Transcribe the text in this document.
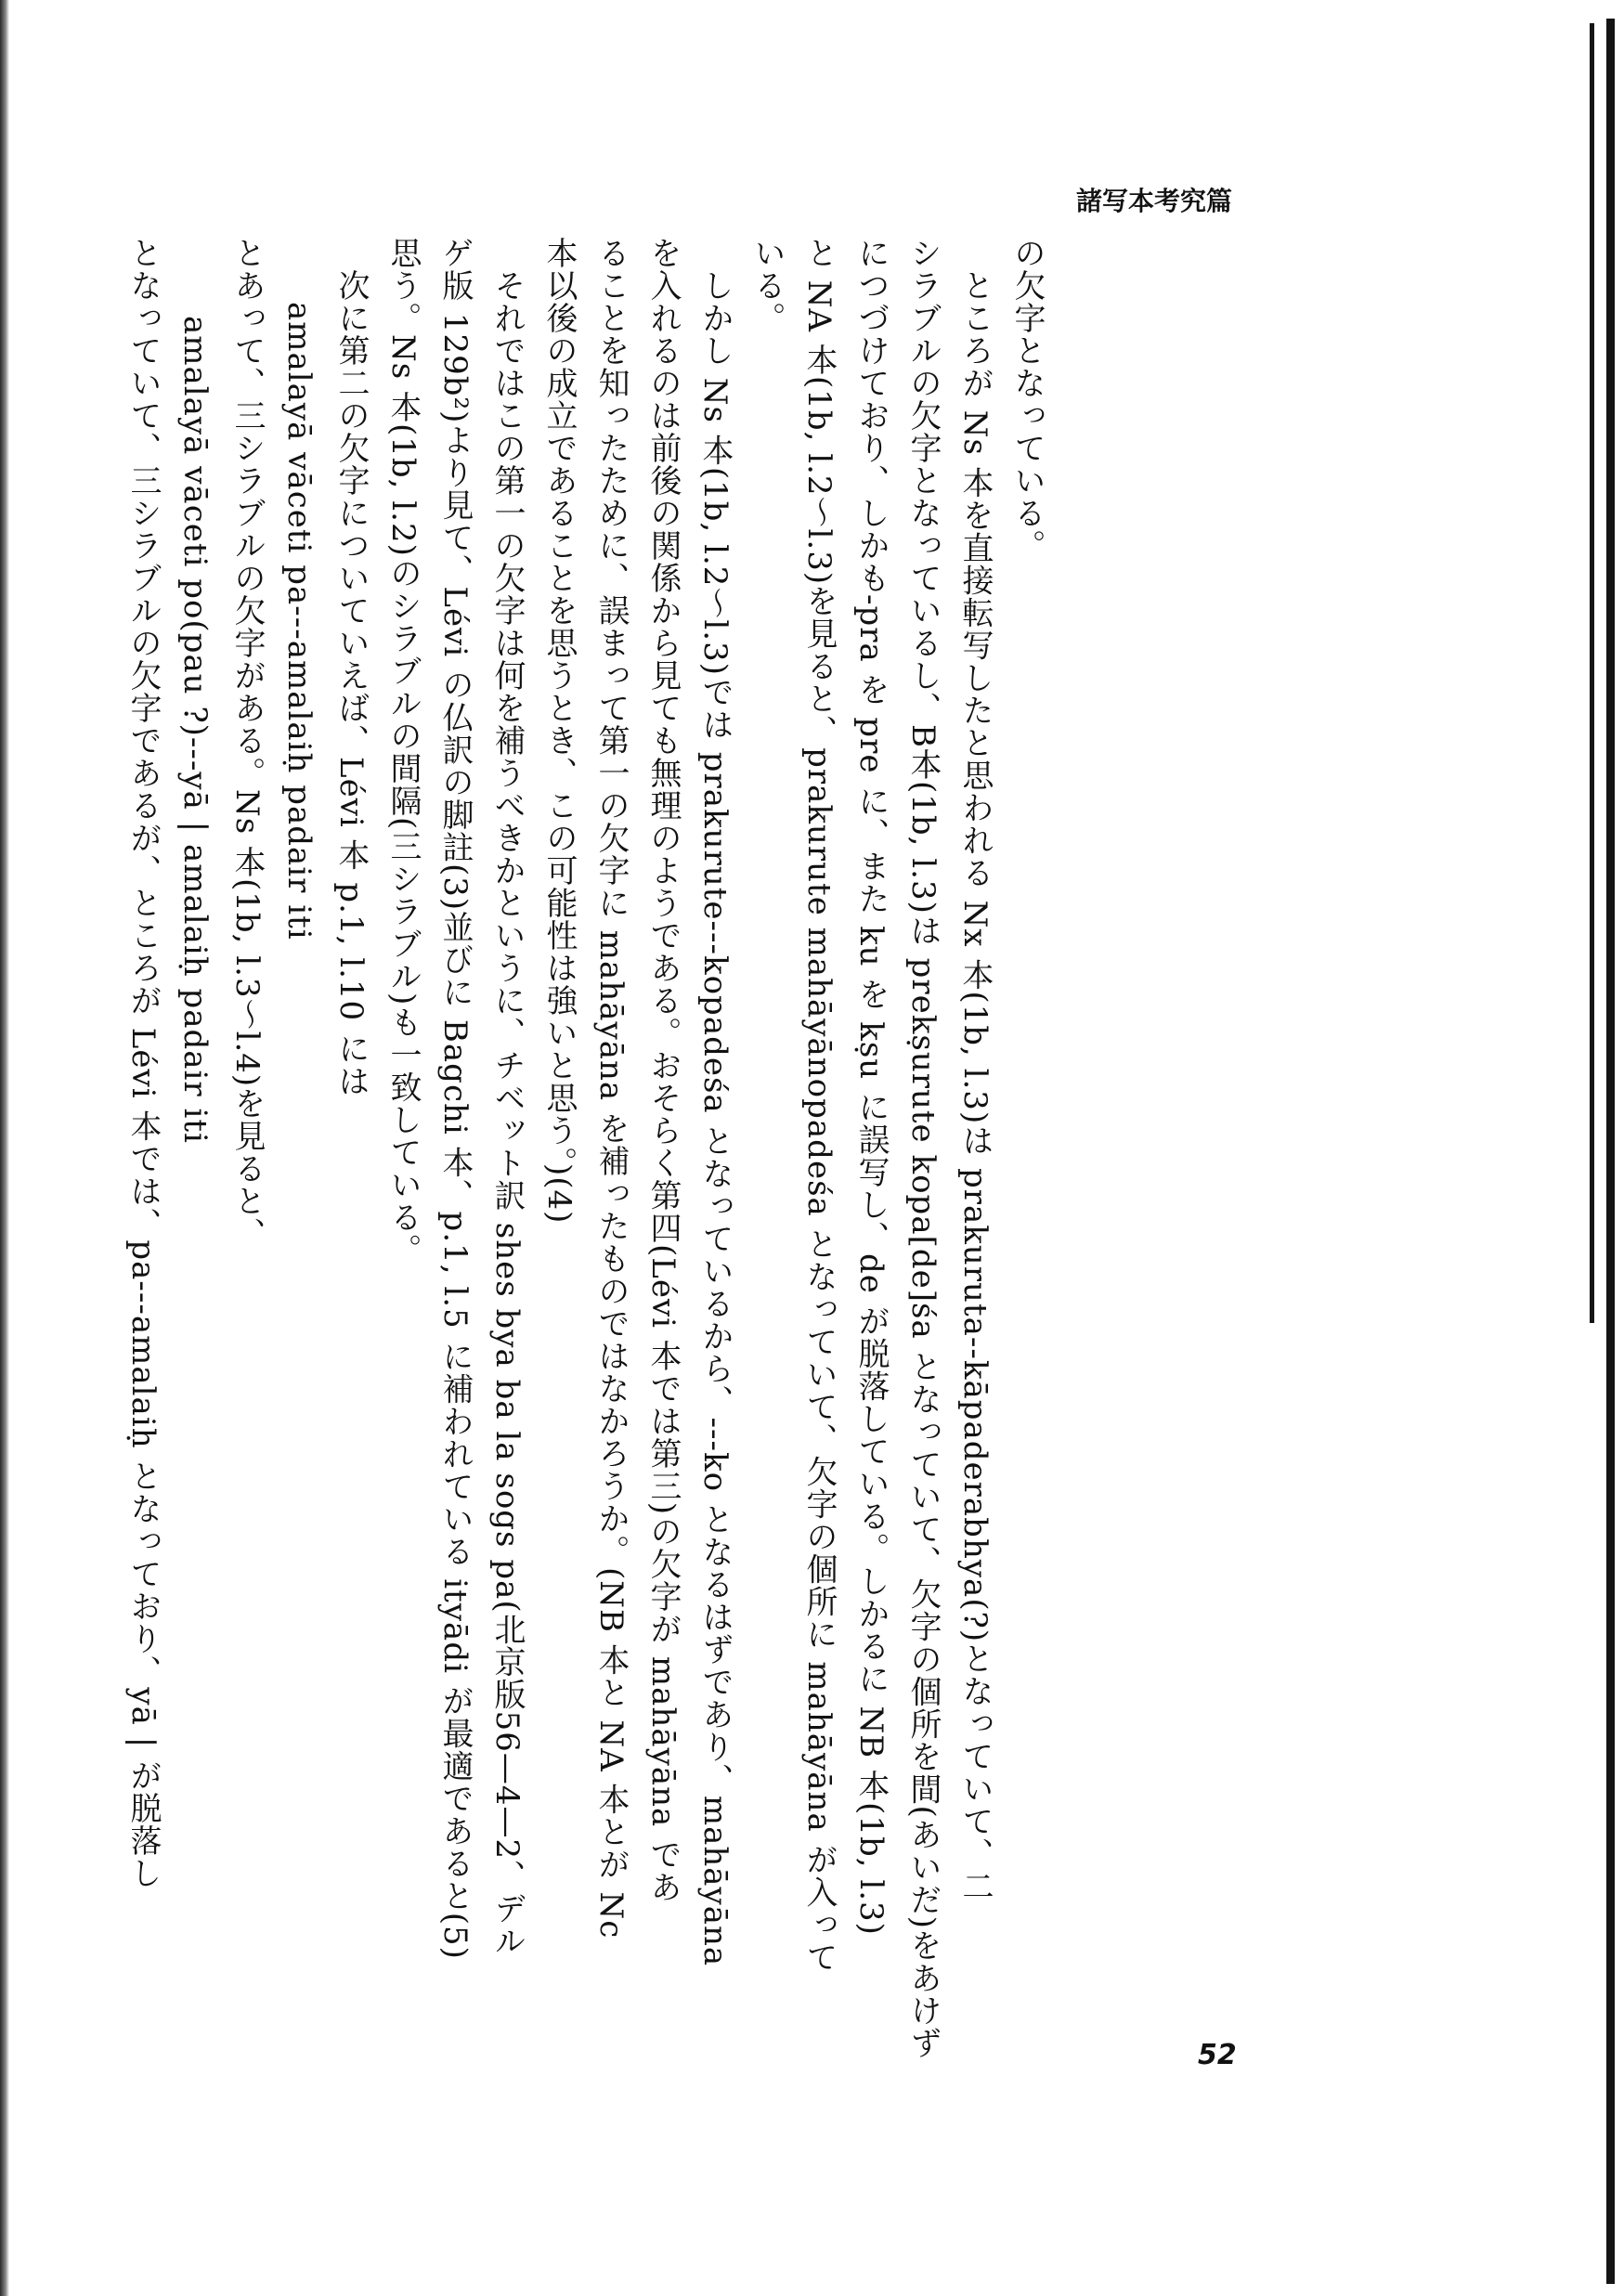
諸写本考究篇
の欠字となっている。
ところが Ns 本を直接転写したと思われる Nx 本(1b, l.3)は prakuruta‐‐kāpaderabhya(?)となっていて、二
シラブルの欠字となっているし、B本(1b, l.3)は prekṣurute kopa[de]śa となっていて、欠字の個所を間(あいだ)をあけず
につづけており、しかも‐pra を pre に、また ku を kṣu に誤写し、de が脱落している。しかるに NB 本(1b, l.3)
と NA 本(1b, l.2〜l.3)を見ると、prakurute mahāyānopadeśa となっていて、欠字の個所に mahāyāna が入って
いる。
しかし Ns 本(1b, l.2〜l.3)では prakurute‐‐‐kopadeśa となっているから、‐‐‐ko となるはずであり、mahāyāna
を入れるのは前後の関係から見ても無理のようである。おそらく第四(Lévi 本では第三)の欠字が mahāyāna であ
ることを知ったために、誤まって第一の欠字に mahāyāna を補ったものではなかろうか。(NB 本と NA 本とが Nc
本以後の成立であることを思うとき、この可能性は強いと思う。)(4)
それではこの第一の欠字は何を補うべきかというに、チベット訳 shes bya ba la sogs pa(北京版56—4—2、デル
ゲ版 129b²)より見て、Lévi の仏訳の脚註(3)並びに Bagchi 本、p.1, l.5 に補われている ityādi が最適であると(5)
思う。Ns 本(1b, l.2)のシラブルの間隔(三シラブル)も一致している。
次に第二の欠字についていえば、Lévi 本 p.1, l.10 には
amalayā vāceti pa‐‐‐amalaiḥ padair iti
とあって、三シラブルの欠字がある。Ns 本(1b, l.3〜l.4)を見ると、
amalayā vāceti po(pau ?)‐‐‐yā | amalaiḥ padair iti
となっていて、三シラブルの欠字であるが、ところが Lévi 本では、pa‐‐‐amalaiḥ となっており、yā | が脱落し
52
